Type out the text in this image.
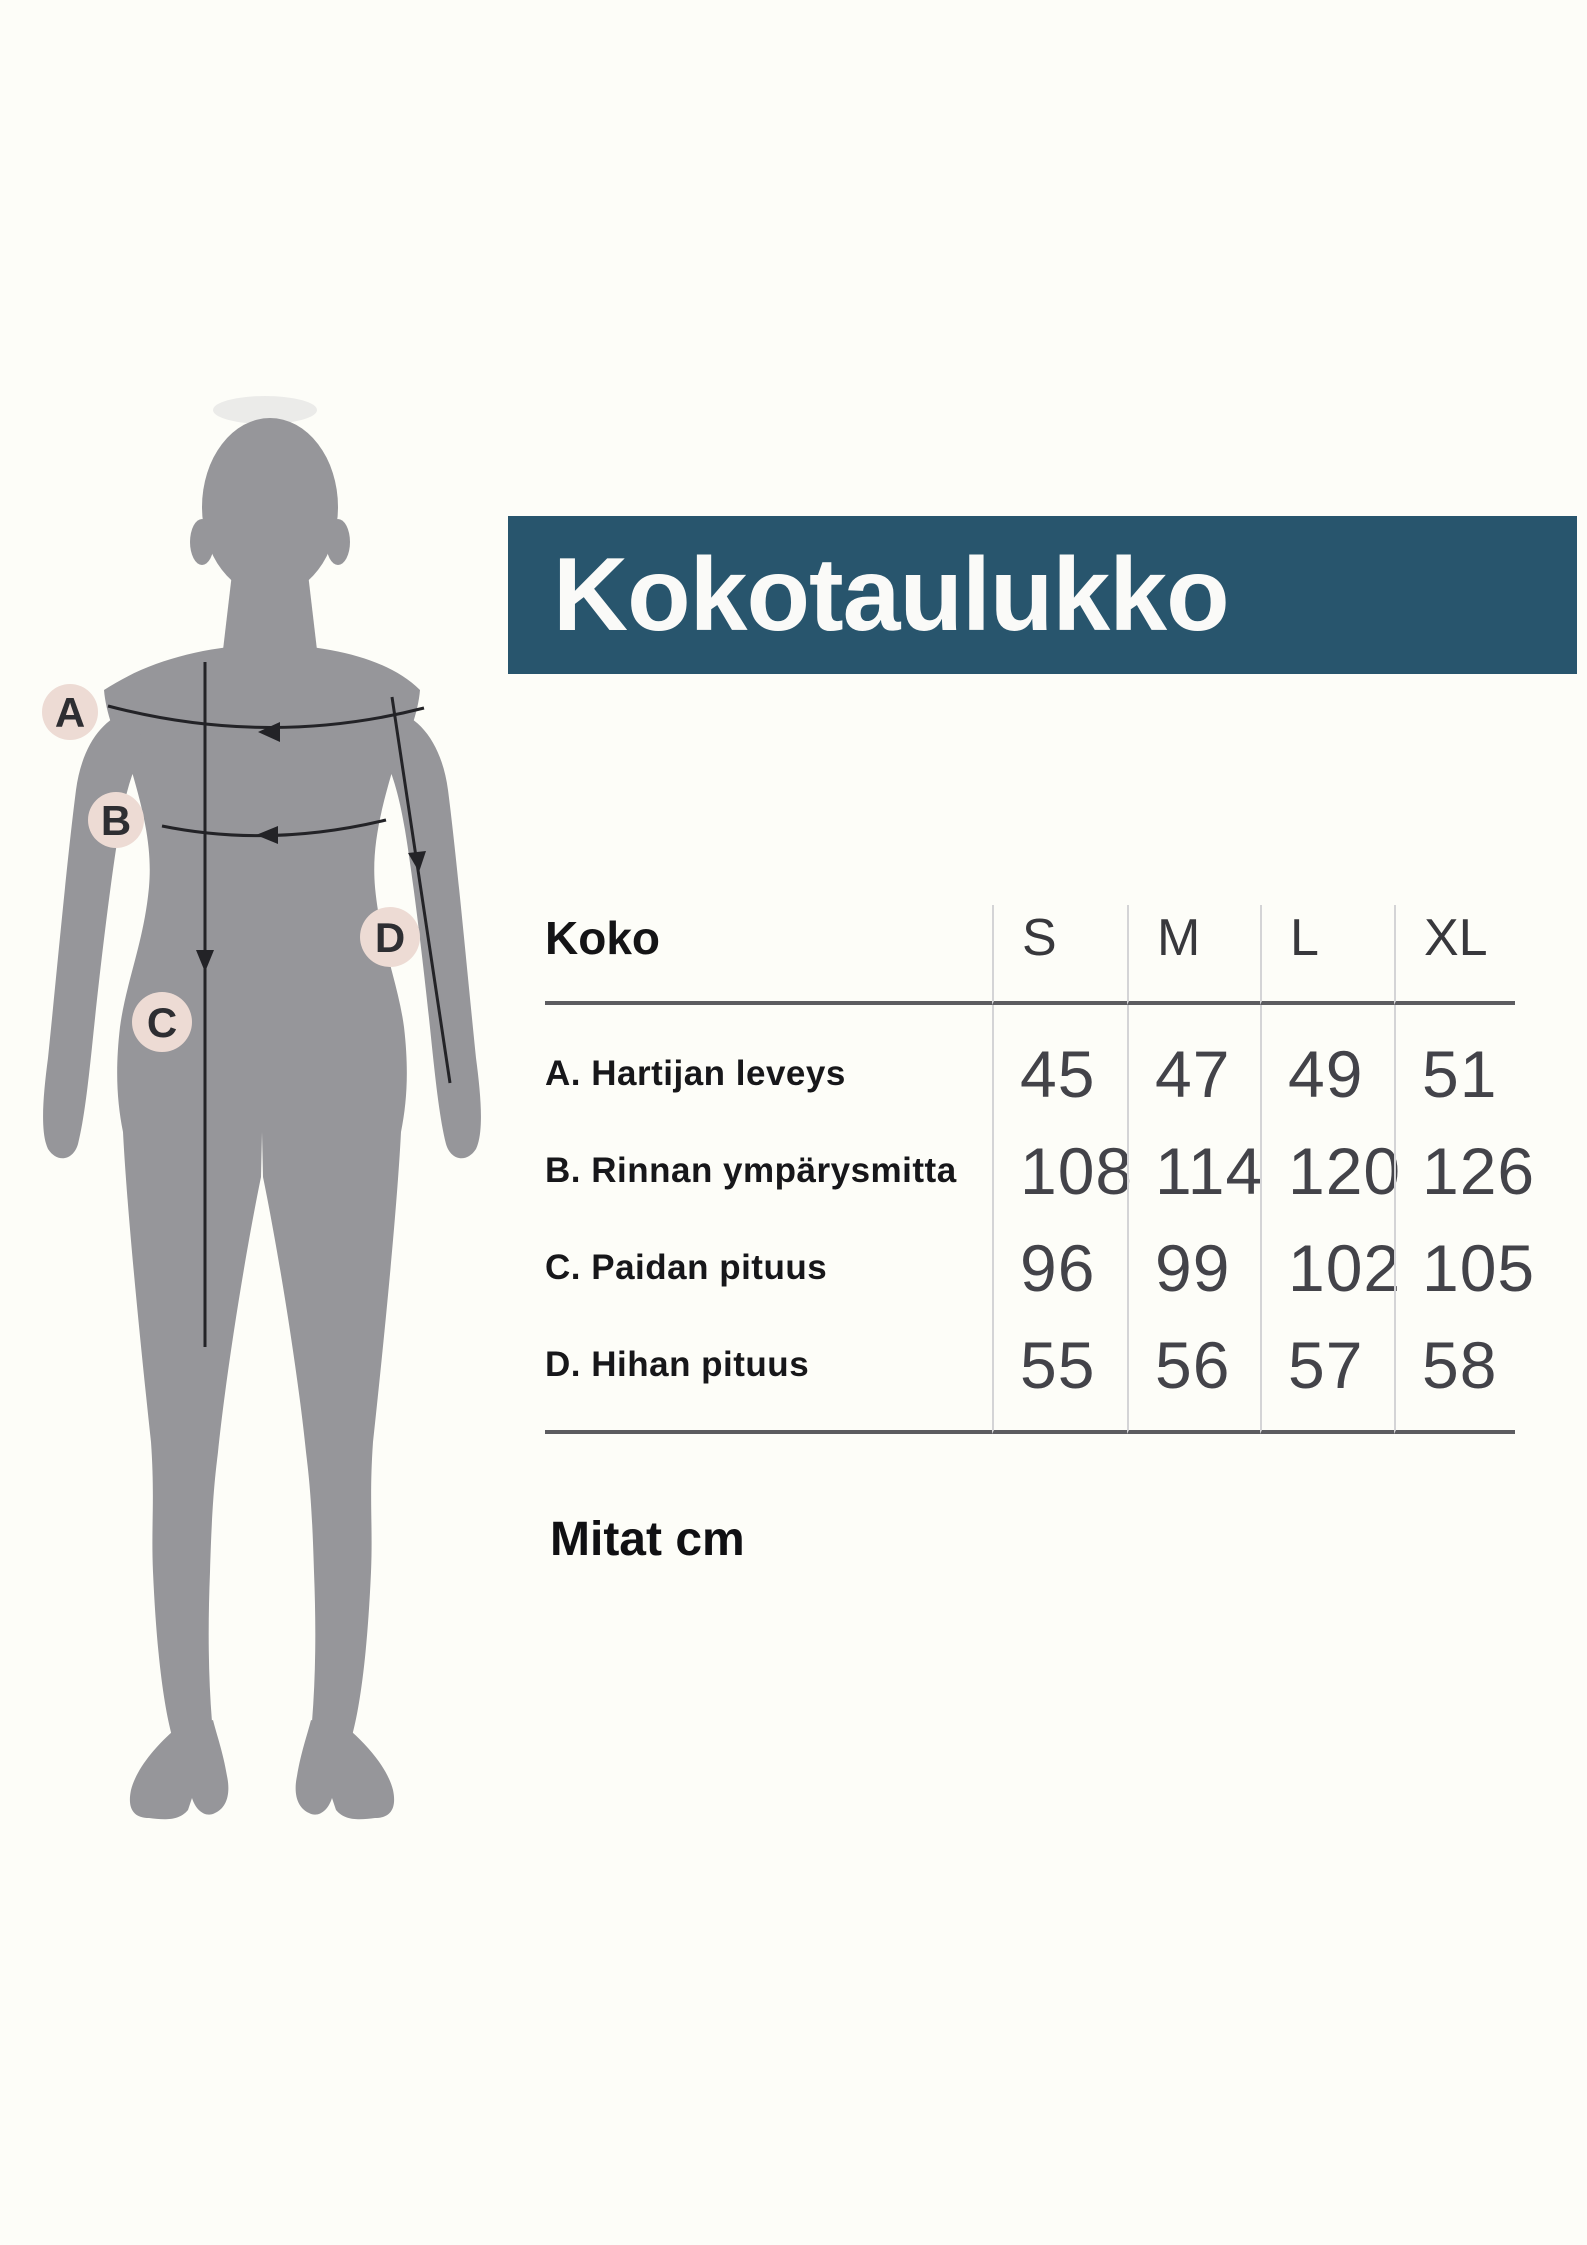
A
B
C
D
Kokotaulukko
Koko	S	M	L	XL
A. Hartijan leveys	45 47 49 51
B. Rinnan ympärysmitta 108 114 120 126
C. Paidan pituus	96 99 102 105
D. Hihan pituus	55 56 57 58
Mitat cm
